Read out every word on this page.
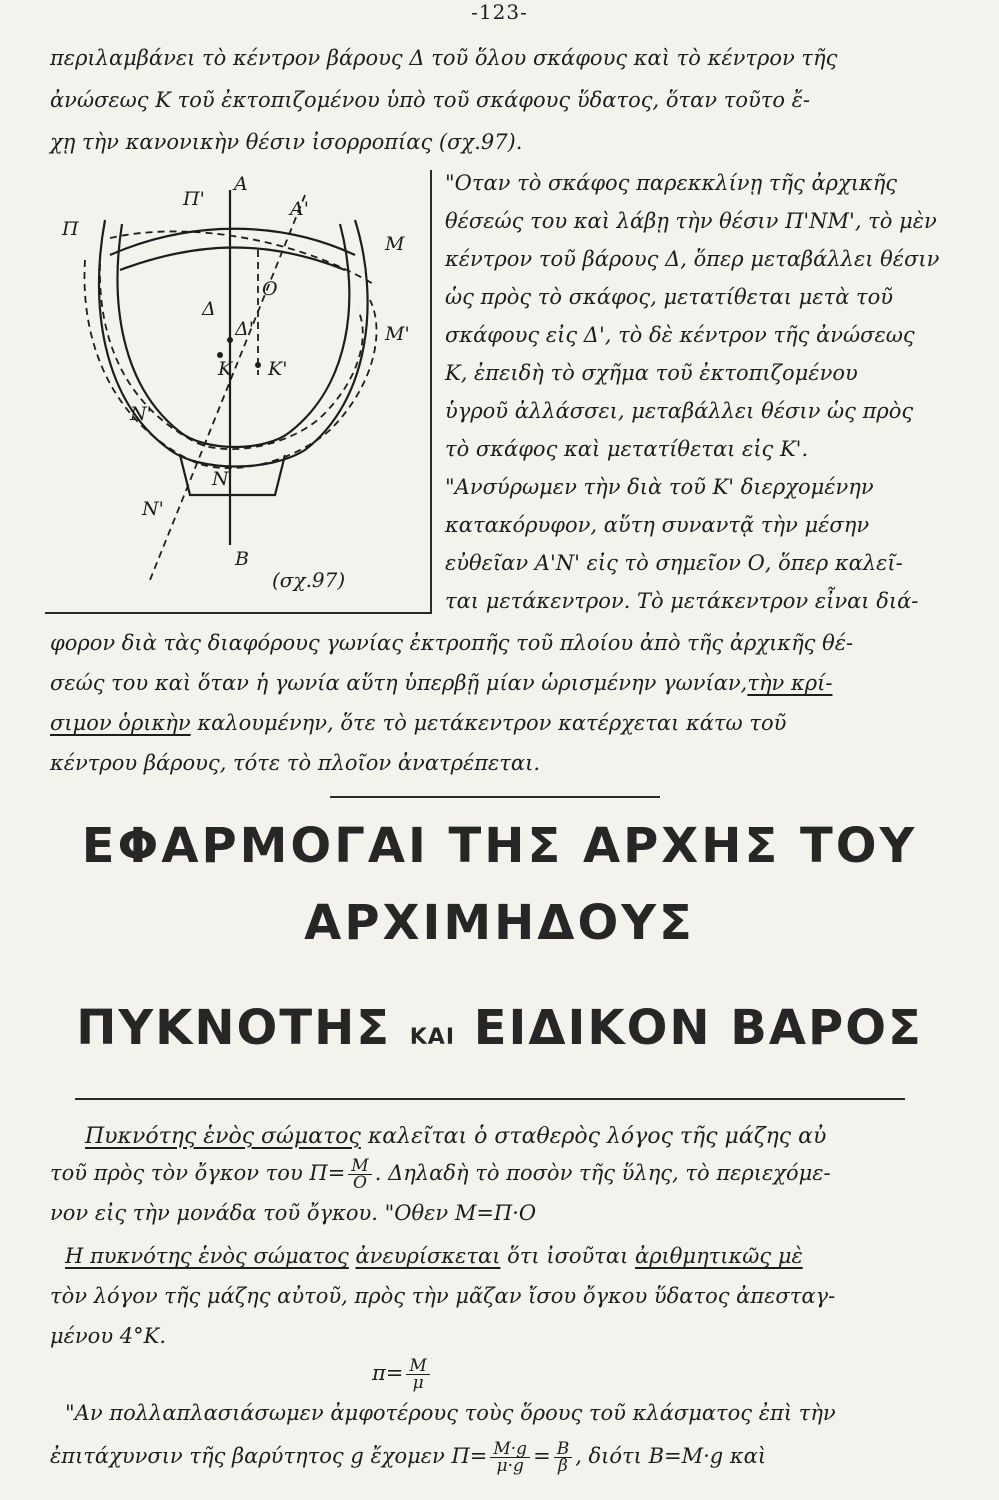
-123-
περιλαμβάνει τὸ κέντρον βάρους Δ τοῦ ὅλου σκάφους καὶ τὸ κέντρον τῆς
ἀνώσεως Κ τοῦ ἐκτοπιζομένου ὑπὸ τοῦ σκάφους ὕδατος, ὅταν τοῦτο ἔ-
χῃ τὴν κανονικὴν θέσιν ἰσορροπίας (σχ.97).
A
A'
Π'
Π
M
M'
O
Δ
Δ'
K K'
N'
N
N'
B
(σχ.97)
"Οταν τὸ σκάφος παρεκκλίνῃ τῆς ἀρχικῆς
θέσεώς του καὶ λάβῃ τὴν θέσιν Π'ΝΜ', τὸ μὲν
κέντρον τοῦ βάρους Δ, ὅπερ μεταβάλλει θέσιν
ὡς πρὸς τὸ σκάφος, μετατίθεται μετὰ τοῦ
σκάφους εἰς Δ', τὸ δὲ κέντρον τῆς ἀνώσεως
Κ, ἐπειδὴ τὸ σχῆμα τοῦ ἐκτοπιζομένου
ὑγροῦ ἀλλάσσει, μεταβάλλει θέσιν ὡς πρὸς
τὸ σκάφος καὶ μετατίθεται εἰς Κ'.
"Ανσύρωμεν τὴν διὰ τοῦ Κ' διερχομένην
κατακόρυφον, αὕτη συναντᾷ τὴν μέσην
εὐθεῖαν Α'Ν' εἰς τὸ σημεῖον Ο, ὅπερ καλεῖ-
ται μετάκεντρον. Τὸ μετάκεντρον εἶναι διά-
φορον διὰ τὰς διαφόρους γωνίας ἐκτροπῆς τοῦ πλοίου ἀπὸ τῆς ἀρχικῆς θέ-
σεώς του καὶ ὅταν ἡ γωνία αὕτη ὑπερβῇ μίαν ὡρισμένην γωνίαν,τὴν κρί-
σιμον ὁρικὴν καλουμένην, ὅτε τὸ μετάκεντρον κατέρχεται κάτω τοῦ
κέντρου βάρους, τότε τὸ πλοῖον ἀνατρέπεται.
ΕΦΑΡΜΟΓΑΙ ΤΗΣ ΑΡΧΗΣ ΤΟΥ
ΑΡΧΙΜΗΔΟΥΣ
ΠΥΚΝΟΤΗΣ ΚΑΙ ΕΙΔΙΚΟΝ ΒΑΡΟΣ
Πυκνότης ἑνὸς σώματος καλεῖται ὁ σταθερὸς λόγος τῆς μάζης αὐ
τοῦ πρὸς τὸν ὄγκον του $\Pi= \frac{M}{O}$ . Δηλαδὴ τὸ ποσὸν τῆς ὕλης, τὸ περιεχόμε-
νον εἰς τὴν μονάδα τοῦ ὄγκου. "Οθεν Μ=Π·Ο
Η πυκνότης ἑνὸς σώματος ἀνευρίσκεται ὅτι ἰσοῦται ἀριθμητικῶς μὲ
τὸν λόγον τῆς μάζης αὐτοῦ, πρὸς τὴν μᾶζαν ἴσου ὄγκου ὕδατος ἀπεσταγ-
μένου 4°Κ.
$\pi= \frac{M}{\mu}$
"Αν πολλαπλασιάσωμεν ἀμφοτέρους τοὺς ὅρους τοῦ κλάσματος ἐπὶ τὴν
ἐπιτάχυνσιν τῆς βαρύτητος g ἔχομεν $\Pi= \frac{M\cdot g}{\mu\cdot g} = \frac{B}{\beta}$ , διότι Β=Μ·g καὶ
